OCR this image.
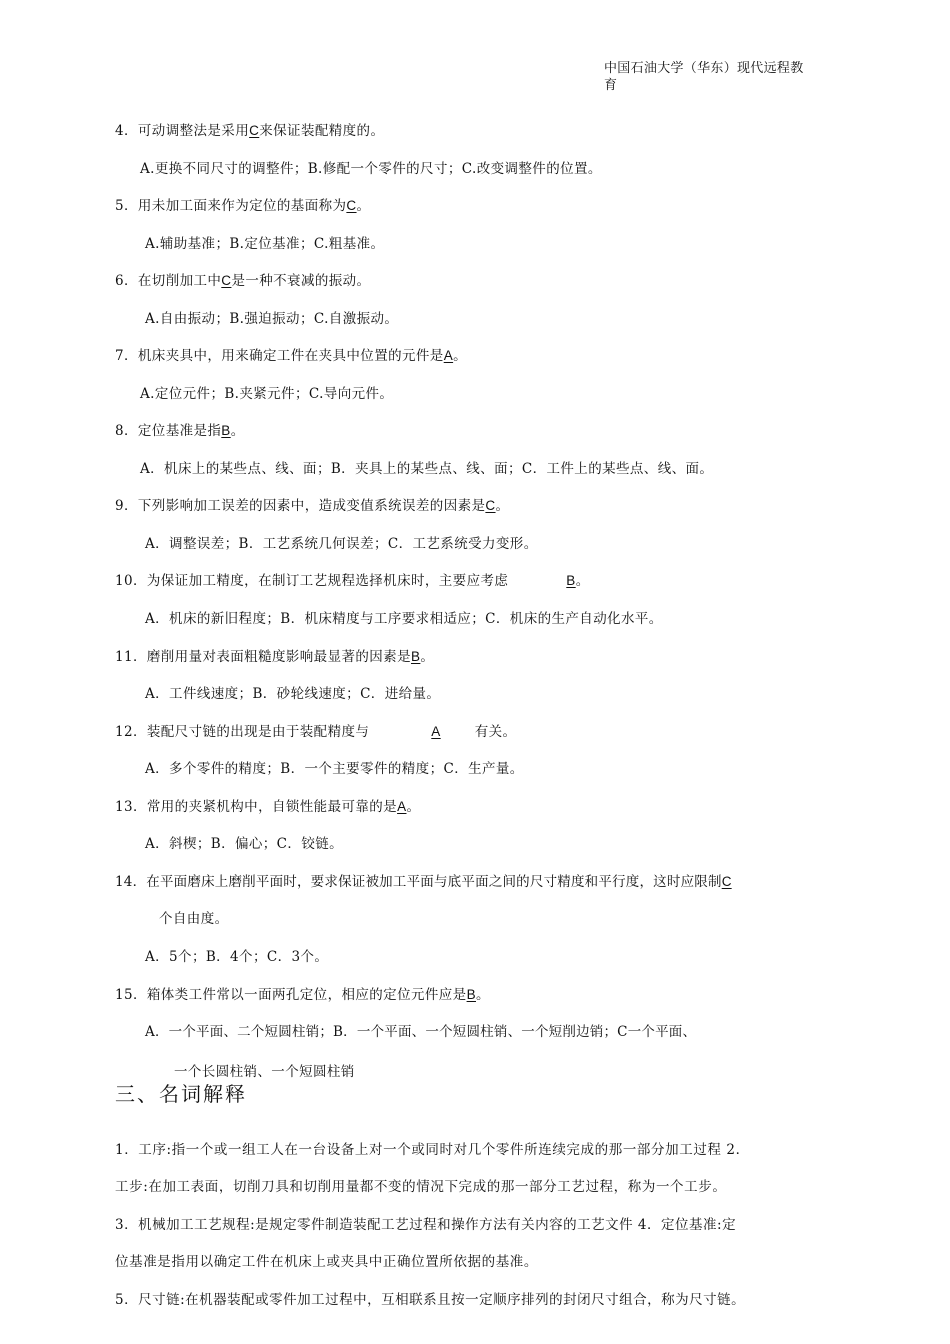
中国石油大学（华东）现代远程教
育
4．可动调整法是采用C来保证装配精度的。
A.更换不同尺寸的调整件；B.修配一个零件的尺寸；C.改变调整件的位置。
5．用未加工面来作为定位的基面称为C。
A.辅助基准；B.定位基准；C.粗基准。
6．在切削加工中C是一种不衰减的振动。
A.自由振动；B.强迫振动；C.自激振动。
7．机床夹具中，用来确定工件在夹具中位置的元件是A。
A.定位元件；B.夹紧元件；C.导向元件。
8．定位基准是指B。
A．机床上的某些点、线、面；B．夹具上的某些点、线、面；C．工件上的某些点、线、面。
9．下列影响加工误差的因素中，造成变值系统误差的因素是C。
A．调整误差；B．工艺系统几何误差；C．工艺系统受力变形。
10．为保证加工精度，在制订工艺规程选择机床时，主要应考虑	B。
A．机床的新旧程度；B．机床精度与工序要求相适应；C．机床的生产自动化水平。
11．磨削用量对表面粗糙度影响最显著的因素是B。
A．工件线速度；B．砂轮线速度；C．进给量。
12．装配尺寸链的出现是由于装配精度与	A	有关。
A．多个零件的精度；B．一个主要零件的精度；C．生产量。
13．常用的夹紧机构中，自锁性能最可靠的是A。
A．斜楔；B．偏心；C．铰链。
14．在平面磨床上磨削平面时，要求保证被加工平面与底平面之间的尺寸精度和平行度，这时应限制C
个自由度。
A．5个；B．4个；C．3个。
15．箱体类工件常以一面两孔定位，相应的定位元件应是B。
A．一个平面、二个短圆柱销；B．一个平面、一个短圆柱销、一个短削边销；C一个平面、
一个长圆柱销、一个短圆柱销
三、名词解释
1．工序:指一个或一组工人在一台设备上对一个或同时对几个零件所连续完成的那一部分加工过程 2．
工步:在加工表面，切削刀具和切削用量都不变的情况下完成的那一部分工艺过程，称为一个工步。
3．机械加工工艺规程:是规定零件制造装配工艺过程和操作方法有关内容的工艺文件 4．定位基准:定
位基准是指用以确定工件在机床上或夹具中正确位置所依据的基准。
5．尺寸链:在机器装配或零件加工过程中，互相联系且按一定顺序排列的封闭尺寸组合，称为尺寸链。
